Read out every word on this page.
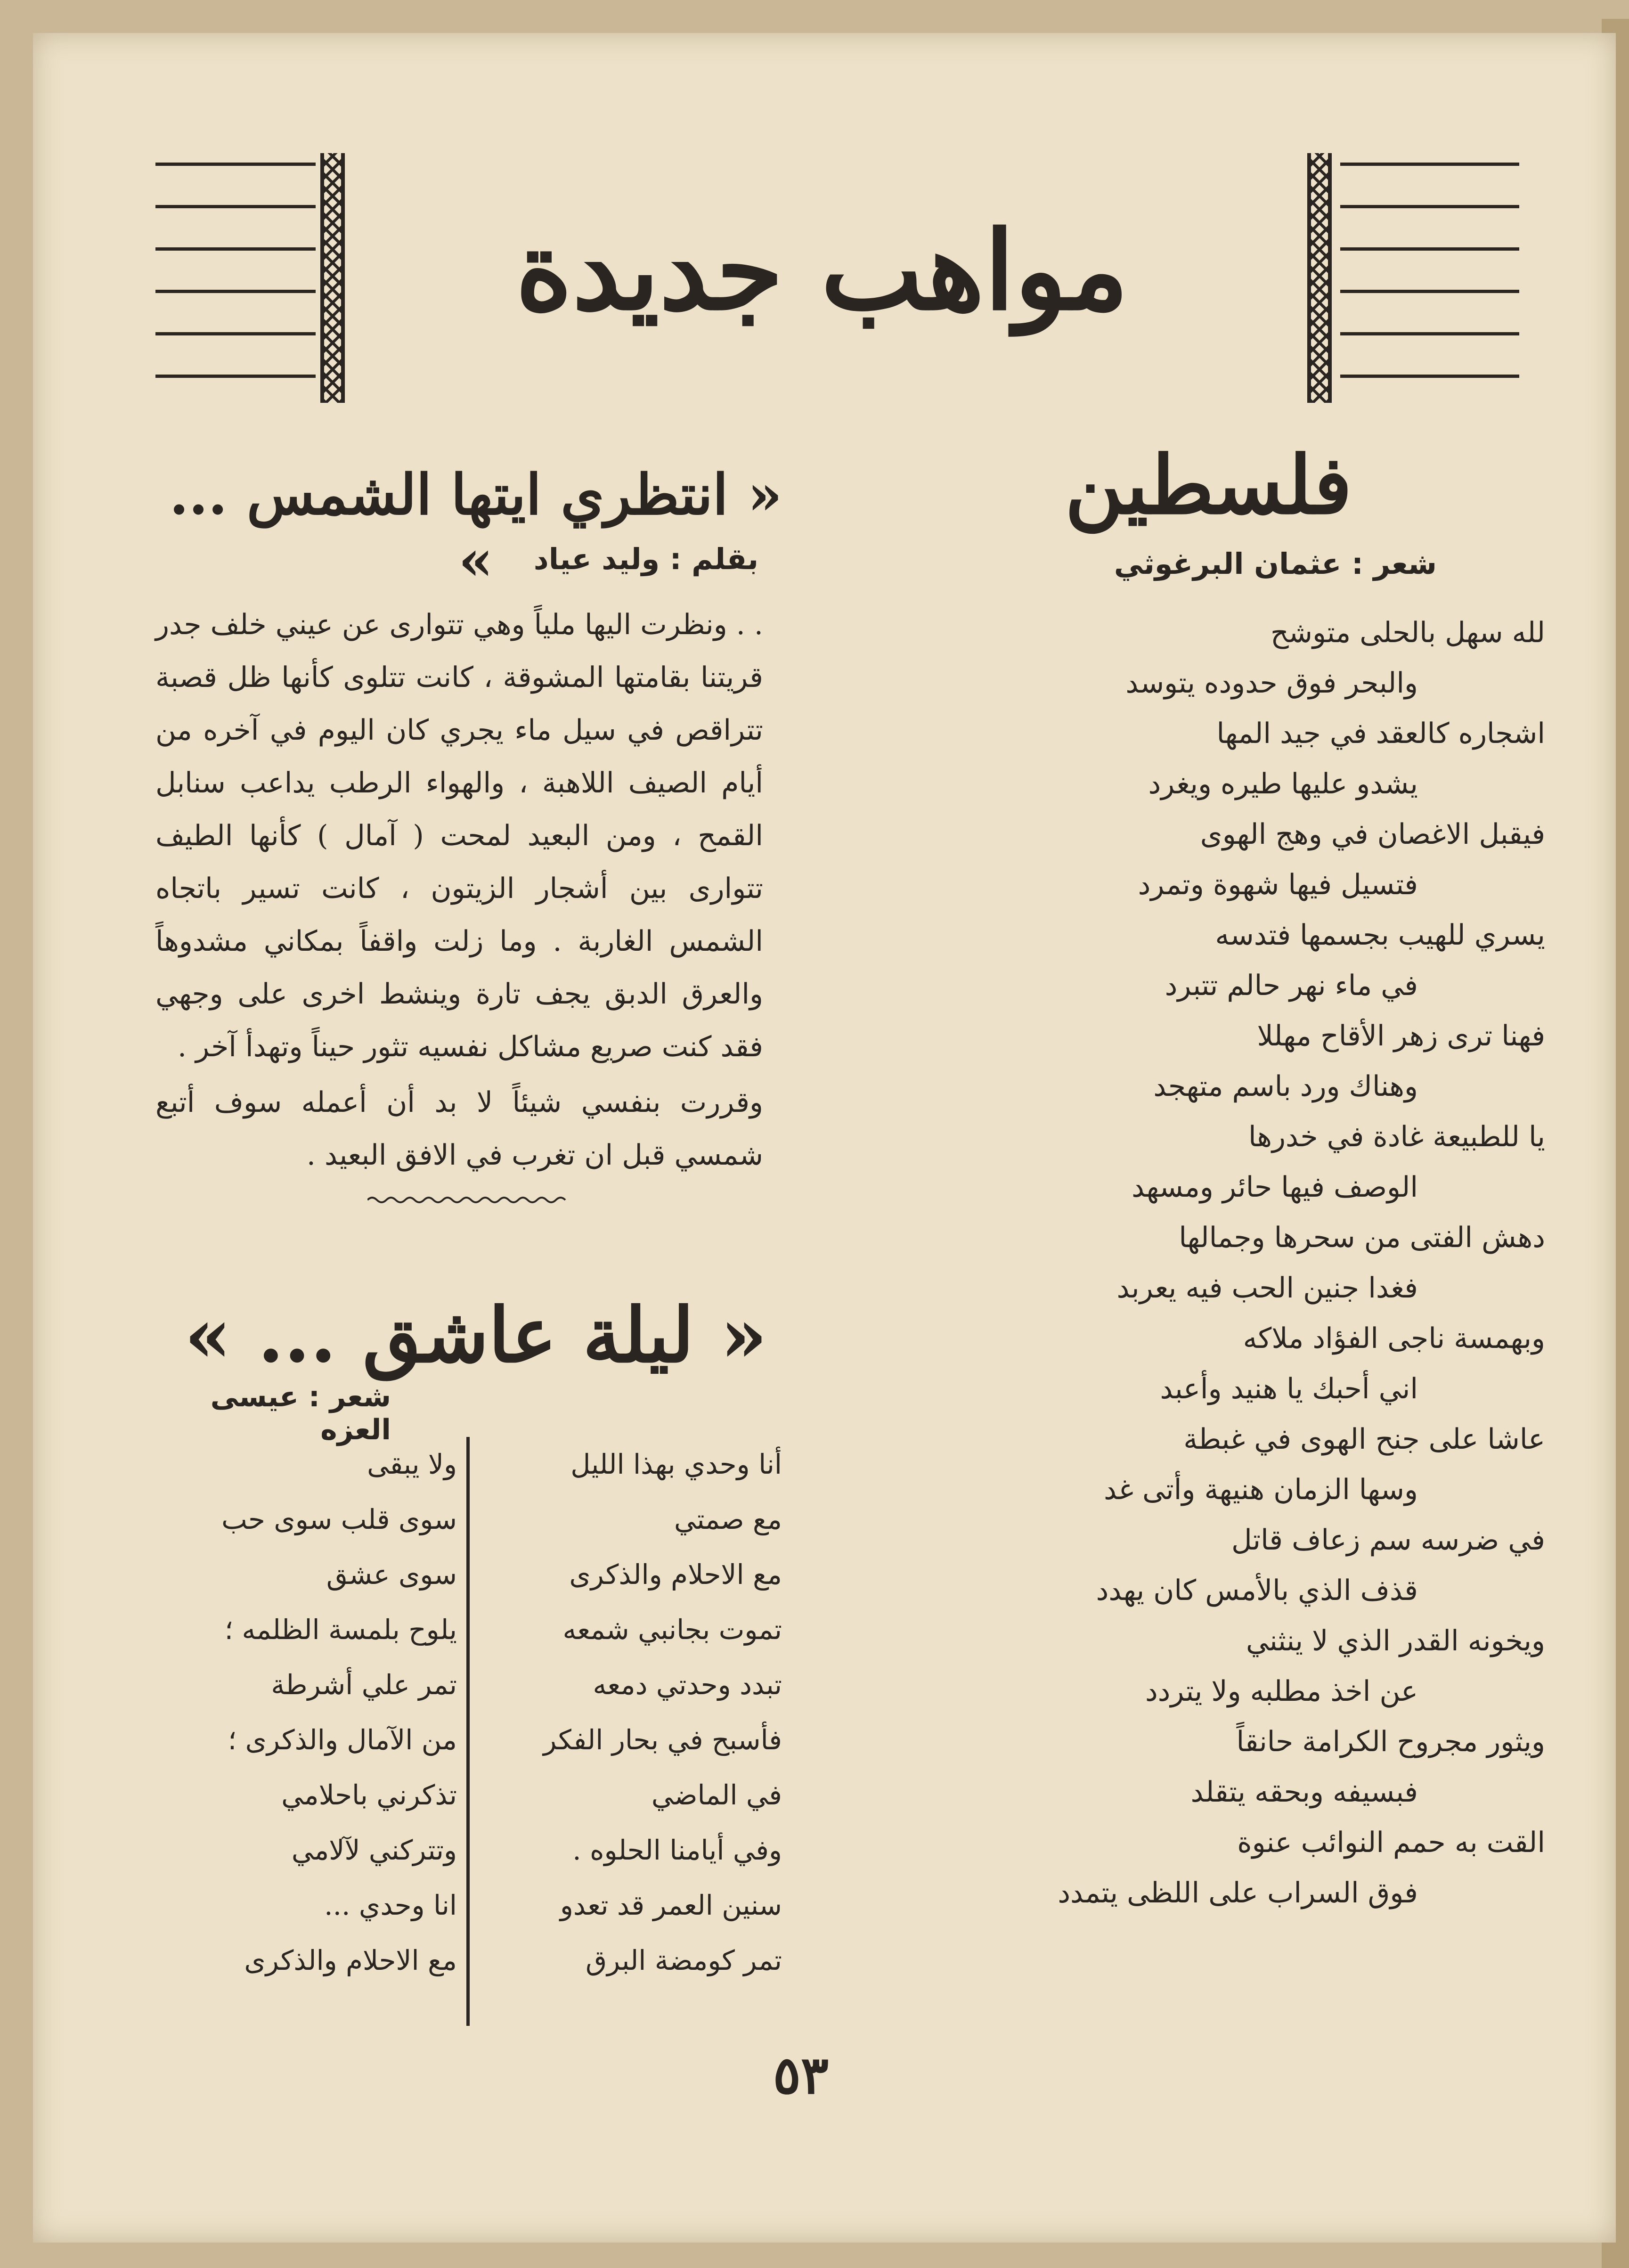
مواهب جديدة
فلسطين
شعر : عثمان البرغوثي
لله سهل بالحلى متوشح
والبحر فوق حدوده يتوسد
اشجاره كالعقد في جيد المها
يشدو عليها طيره ويغرد
فيقبل الاغصان في وهج الهوى
فتسيل فيها شهوة وتمرد
يسري للهيب بجسمها فتدسه
في ماء نهر حالم تتبرد
فهنا ترى زهر الأقاح مهللا
وهناك ورد باسم متهجد
يا للطبيعة غادة في خدرها
الوصف فيها حائر ومسهد
دهش الفتى من سحرها وجمالها
فغدا جنين الحب فيه يعربد
وبهمسة ناجى الفؤاد ملاكه
اني أحبك يا هنيد وأعبد
عاشا على جنح الهوى في غبطة
وسها الزمان هنيهة وأتى غد
في ضرسه سم زعاف قاتل
قذف الذي بالأمس كان يهدد
ويخونه القدر الذي لا ينثني
عن اخذ مطلبه ولا يتردد
ويثور مجروح الكرامة حانقاً
فبسيفه وبحقه يتقلد
القت به حمم النوائب عنوة
فوق السراب على اللظى يتمدد
« انتظري ايتها الشمس ... »	بقلم : وليد عياد

. . ونظرت اليها ملياً وهي تتوارى عن عيني خلف جدر قريتنا بقامتها المشوقة ، كانت تتلوى كأنها ظل قصبة تتراقص في سيل ماء يجري كان اليوم في آخره من أيام الصيف اللاهبة ، والهواء الرطب يداعب سنابل القمح ، ومن البعيد لمحت ( آمال ) كأنها الطيف تتوارى بين أشجار الزيتون ، كانت تسير باتجاه الشمس الغاربة . وما زلت واقفاً بمكاني مشدوهاً والعرق الدبق يجف تارة وينشط اخرى على وجهي فقد كنت صريع مشاكل نفسيه تثور حيناً وتهدأ آخر .

وقررت بنفسي شيئاً لا بد أن أعمله سوف أتبع شمسي قبل ان تغرب في الافق البعيد .

« ليلة عاشق ... »
شعر : عيسى العزه
أنا وحدي بهذا الليل
مع صمتي
مع الاحلام والذكرى
تموت بجانبي شمعه
تبدد وحدتي دمعه
فأسبح في بحار الفكر
في الماضي
وفي أيامنا الحلوه .
سنين العمر قد تعدو
تمر كومضة البرق
ولا يبقى
سوى قلب سوى حب
سوى عشق
يلوح بلمسة الظلمه ؛
تمر علي أشرطة
من الآمال والذكرى ؛
تذكرني باحلامي
وتتركني لآلامي
انا وحدي ...
مع الاحلام والذكرى
٥٣
